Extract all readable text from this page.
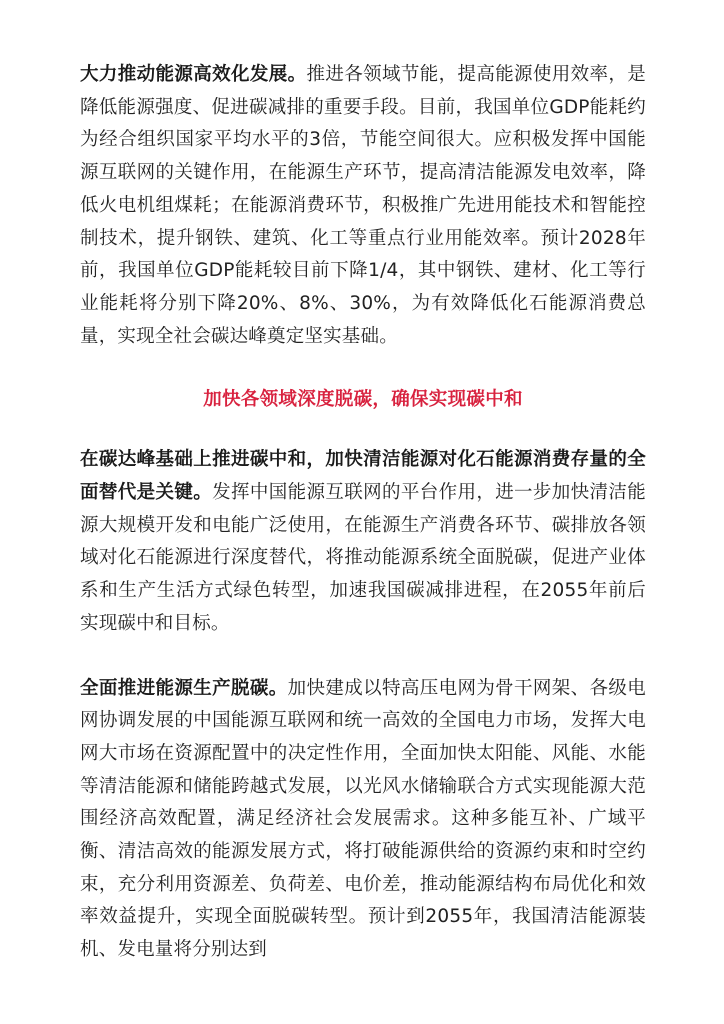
大力推动能源高效化发展。推进各领域节能，提高能源使用效率，是降低能源强度、促进碳减排的重要手段。目前，我国单位GDP能耗约为经合组织国家平均水平的3倍，节能空间很大。应积极发挥中国能源互联网的关键作用，在能源生产环节，提高清洁能源发电效率，降低火电机组煤耗；在能源消费环节，积极推广先进用能技术和智能控制技术，提升钢铁、建筑、化工等重点行业用能效率。预计2028年前，我国单位GDP能耗较目前下降1/4，其中钢铁、建材、化工等行业能耗将分别下降20%、8%、30%，为有效降低化石能源消费总量，实现全社会碳达峰奠定坚实基础。

加快各领域深度脱碳，确保实现碳中和

在碳达峰基础上推进碳中和，加快清洁能源对化石能源消费存量的全面替代是关键。发挥中国能源互联网的平台作用，进一步加快清洁能源大规模开发和电能广泛使用，在能源生产消费各环节、碳排放各领域对化石能源进行深度替代，将推动能源系统全面脱碳，促进产业体系和生产生活方式绿色转型，加速我国碳减排进程，在2055年前后实现碳中和目标。

全面推进能源生产脱碳。加快建成以特高压电网为骨干网架、各级电网协调发展的中国能源互联网和统一高效的全国电力市场，发挥大电网大市场在资源配置中的决定性作用，全面加快太阳能、风能、水能等清洁能源和储能跨越式发展，以光风水储输联合方式实现能源大范围经济高效配置，满足经济社会发展需求。这种多能互补、广域平衡、清洁高效的能源发展方式，将打破能源供给的资源约束和时空约束，充分利用资源差、负荷差、电价差，推动能源结构布局优化和效率效益提升，实现全面脱碳转型。预计到2055年，我国清洁能源装机、发电量将分别达到
